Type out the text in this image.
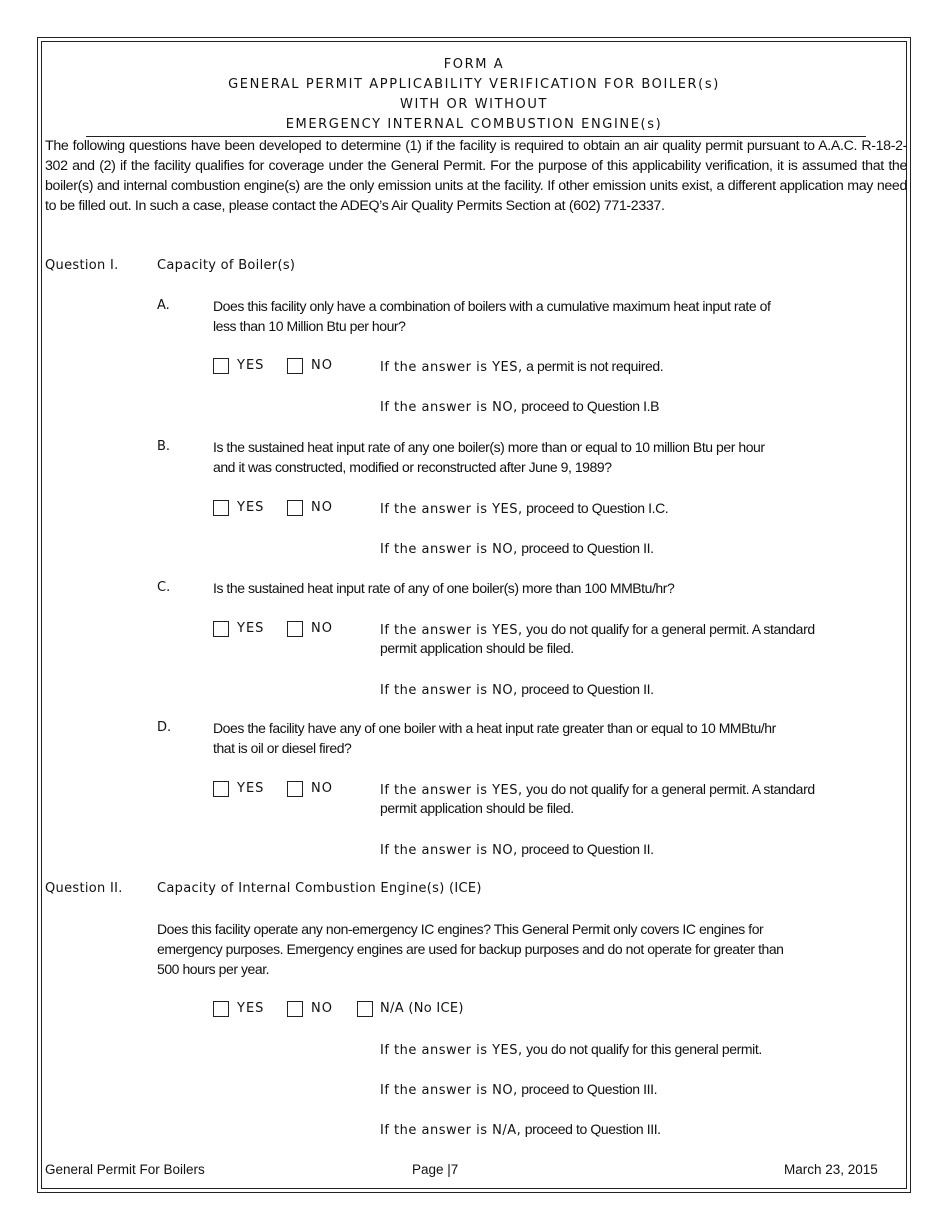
FORM A
GENERAL PERMIT APPLICABILITY VERIFICATION FOR BOILER(s)
WITH OR WITHOUT
EMERGENCY INTERNAL COMBUSTION ENGINE(s)
The following questions have been developed to determine (1) if the facility is required to obtain an air quality permit pursuant to A.A.C. R-18-2-302 and (2) if the facility qualifies for coverage under the General Permit. For the purpose of this applicability verification, it is assumed that the boiler(s) and internal combustion engine(s) are the only emission units at the facility. If other emission units exist, a different application may need to be filled out. In such a case, please contact the ADEQ’s Air Quality Permits Section at (602) 771-2337.
Question I.	Capacity of Boiler(s)
A.	Does this facility only have a combination of boilers with a cumulative maximum heat input rate of
less than 10 Million Btu per hour?
YES	NO	If the answer is YES, a permit is not required.
If the answer is NO, proceed to Question I.B
B.	Is the sustained heat input rate of any one boiler(s) more than or equal to 10 million Btu per hour
and it was constructed, modified or reconstructed after June 9, 1989?
YES	NO	If the answer is YES, proceed to Question I.C.
If the answer is NO, proceed to Question II.
C.	Is the sustained heat input rate of any of one boiler(s) more than 100 MMBtu/hr?
YES	NO	If the answer is YES, you do not qualify for a general permit. A standard
permit application should be filed.
If the answer is NO, proceed to Question II.
D.	Does the facility have any of one boiler with a heat input rate greater than or equal to 10 MMBtu/hr
that is oil or diesel fired?
YES	NO	If the answer is YES, you do not qualify for a general permit. A standard
permit application should be filed.
If the answer is NO, proceed to Question II.
Question II.	Capacity of Internal Combustion Engine(s) (ICE)
Does this facility operate any non-emergency IC engines? This General Permit only covers IC engines for
emergency purposes. Emergency engines are used for backup purposes and do not operate for greater than
500 hours per year.
YES	NO	N/A (No ICE)
If the answer is YES, you do not qualify for this general permit.
If the answer is NO, proceed to Question III.
If the answer is N/A, proceed to Question III.
General Permit For Boilers	Page |7	March 23, 2015
